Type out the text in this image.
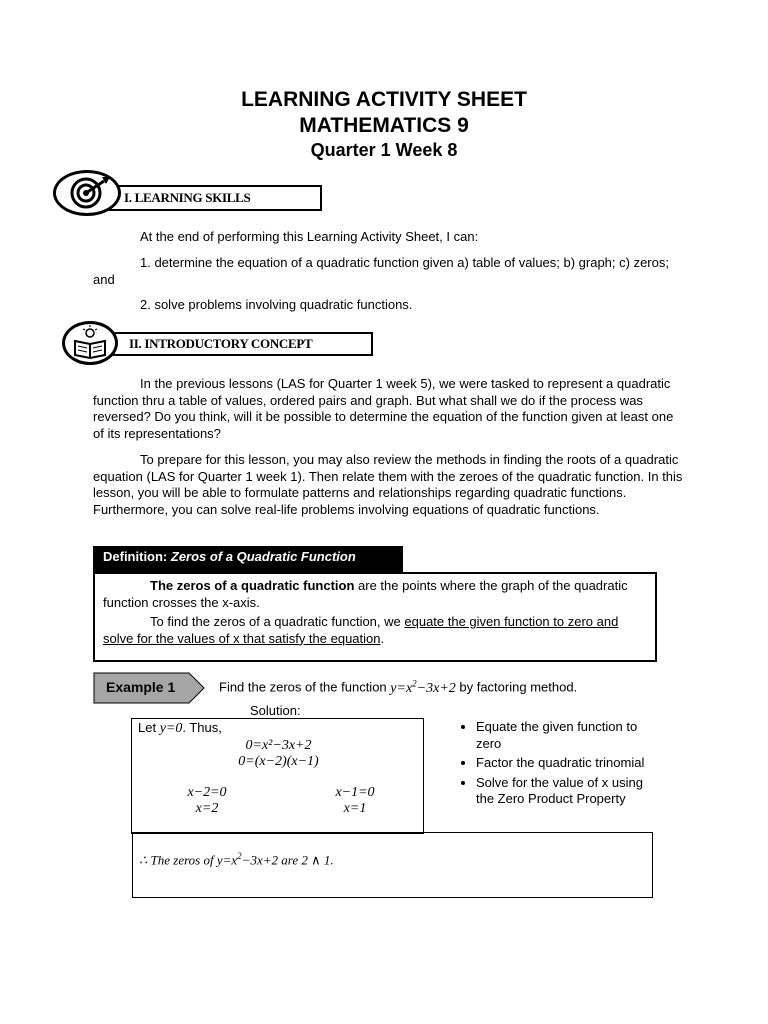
LEARNING ACTIVITY SHEET
MATHEMATICS 9
Quarter 1 Week 8
I. LEARNING SKILLS
At the end of performing this Learning Activity Sheet, I can:
1. determine the equation of a quadratic function given a) table of values; b) graph; c) zeros; and
2. solve problems involving quadratic functions.
II. INTRODUCTORY CONCEPT
In the previous lessons (LAS for Quarter 1 week 5), we were tasked to represent a quadratic function thru a table of values, ordered pairs and graph. But what shall we do if the process was reversed? Do you think, will it be possible to determine the equation of the function given at least one of its representations?
To prepare for this lesson, you may also review the methods in finding the roots of a quadratic equation (LAS for Quarter 1 week 1). Then relate them with the zeroes of the quadratic function. In this lesson, you will be able to formulate patterns and relationships regarding quadratic functions. Furthermore, you can solve real-life problems involving equations of quadratic functions.
Definition: Zeros of a Quadratic Function
The zeros of a quadratic function are the points where the graph of the quadratic function crosses the x-axis.
To find the zeros of a quadratic function, we equate the given function to zero and solve for the values of x that satisfy the equation.
Example 1	Find the zeros of the function $y=x^2-3x+2$ by factoring method.
Solution:
Let y=0. Thus,
0=x²−3x+2
0=(x−2)(x−1)
x−2=0
x=2
x−1=0
x=1
• Equate the given function to zero
• Factor the quadratic trinomial
• Solve for the value of x using the Zero Product Property
∴ The zeros of $y=x^2-3x+2$ are 2 ∧ 1.
